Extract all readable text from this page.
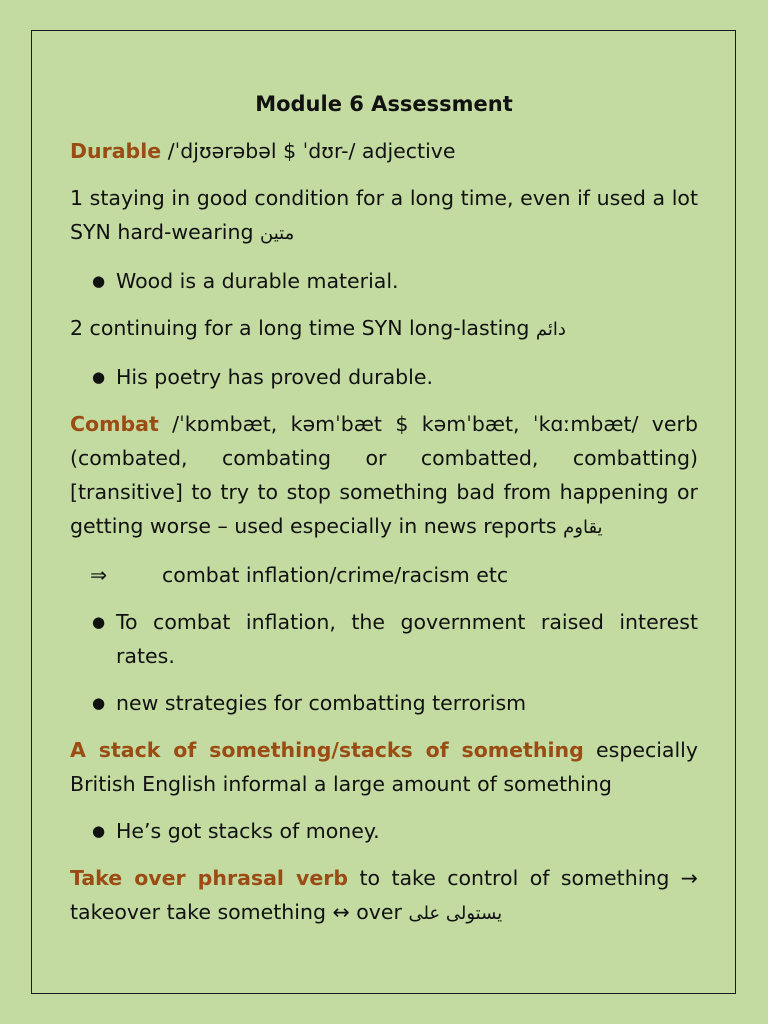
Module 6 Assessment

Durable /ˈdjʊərəbəl $ ˈdʊr-/ adjective

1 staying in good condition for a long time, even if used a lot SYN hard-wearing متين

● Wood is a durable material.

2 continuing for a long time SYN long-lasting دائم

● His poetry has proved durable.

Combat /ˈkɒmbæt, kəmˈbæt $ kəmˈbæt, ˈkɑːmbæt/ verb (combated, combating or combatted, combatting) [transitive] to try to stop something bad from happening or getting worse – used especially in news reports يقاوم

⇒	combat inflation/crime/racism etc
● To combat inflation, the government raised interest rates.
● new strategies for combatting terrorism

A stack of something/stacks of something especially British English informal a large amount of something

● He’s got stacks of money.

Take over phrasal verb to take control of something → takeover take something ↔ over يستولى على
